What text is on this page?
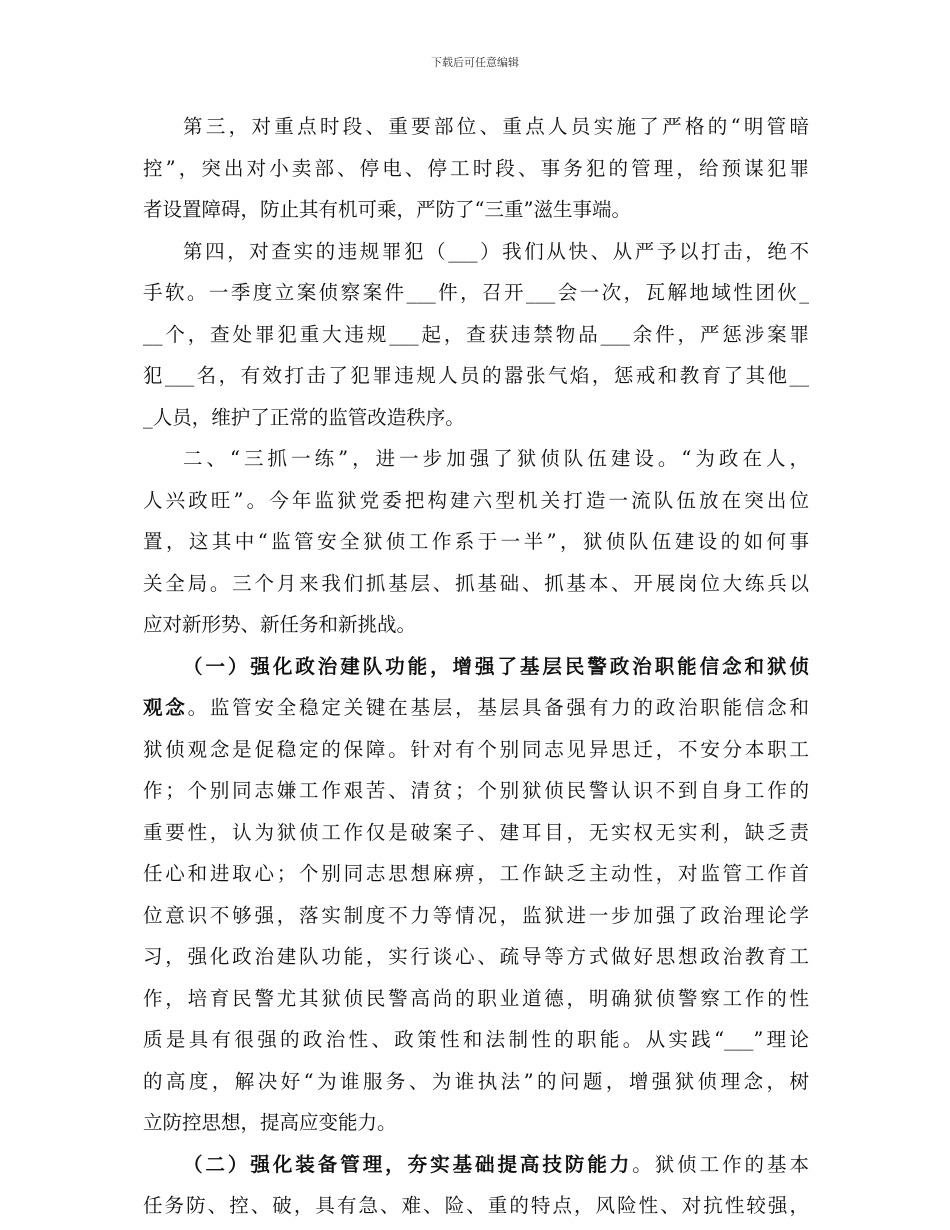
下载后可任意编辑
第三，对重点时段、重要部位、重点人员实施了严格的“明管暗
控”，突出对小卖部、停电、停工时段、事务犯的管理，给预谋犯罪
者设置障碍，防止其有机可乘，严防了“三重”滋生事端。
第四，对查实的违规罪犯（___）我们从快、从严予以打击，绝不
手软。一季度立案侦察案件___件，召开___会一次，瓦解地域性团伙_
__个，查处罪犯重大违规___起，查获违禁物品___余件，严惩涉案罪
犯___名，有效打击了犯罪违规人员的嚣张气焰，惩戒和教育了其他__
_人员，维护了正常的监管改造秩序。
二、“三抓一练”，进一步加强了狱侦队伍建设。“为政在人，
人兴政旺”。今年监狱党委把构建六型机关打造一流队伍放在突出位
置，这其中“监管安全狱侦工作系于一半”，狱侦队伍建设的如何事
关全局。三个月来我们抓基层、抓基础、抓基本、开展岗位大练兵以
应对新形势、新任务和新挑战。
（一）强化政治建队功能，增强了基层民警政治职能信念和狱侦
观念。监管安全稳定关键在基层，基层具备强有力的政治职能信念和
狱侦观念是促稳定的保障。针对有个别同志见异思迁，不安分本职工
作；个别同志嫌工作艰苦、清贫；个别狱侦民警认识不到自身工作的
重要性，认为狱侦工作仅是破案子、建耳目，无实权无实利，缺乏责
任心和进取心；个别同志思想麻痹，工作缺乏主动性，对监管工作首
位意识不够强，落实制度不力等情况，监狱进一步加强了政治理论学
习，强化政治建队功能，实行谈心、疏导等方式做好思想政治教育工
作，培育民警尤其狱侦民警高尚的职业道德，明确狱侦警察工作的性
质是具有很强的政治性、政策性和法制性的职能。从实践“___”理论
的高度，解决好“为谁服务、为谁执法”的问题，增强狱侦理念，树
立防控思想，提高应变能力。
（二）强化装备管理，夯实基础提高技防能力。狱侦工作的基本
任务防、控、破，具有急、难、险、重的特点，风险性、对抗性较强，
